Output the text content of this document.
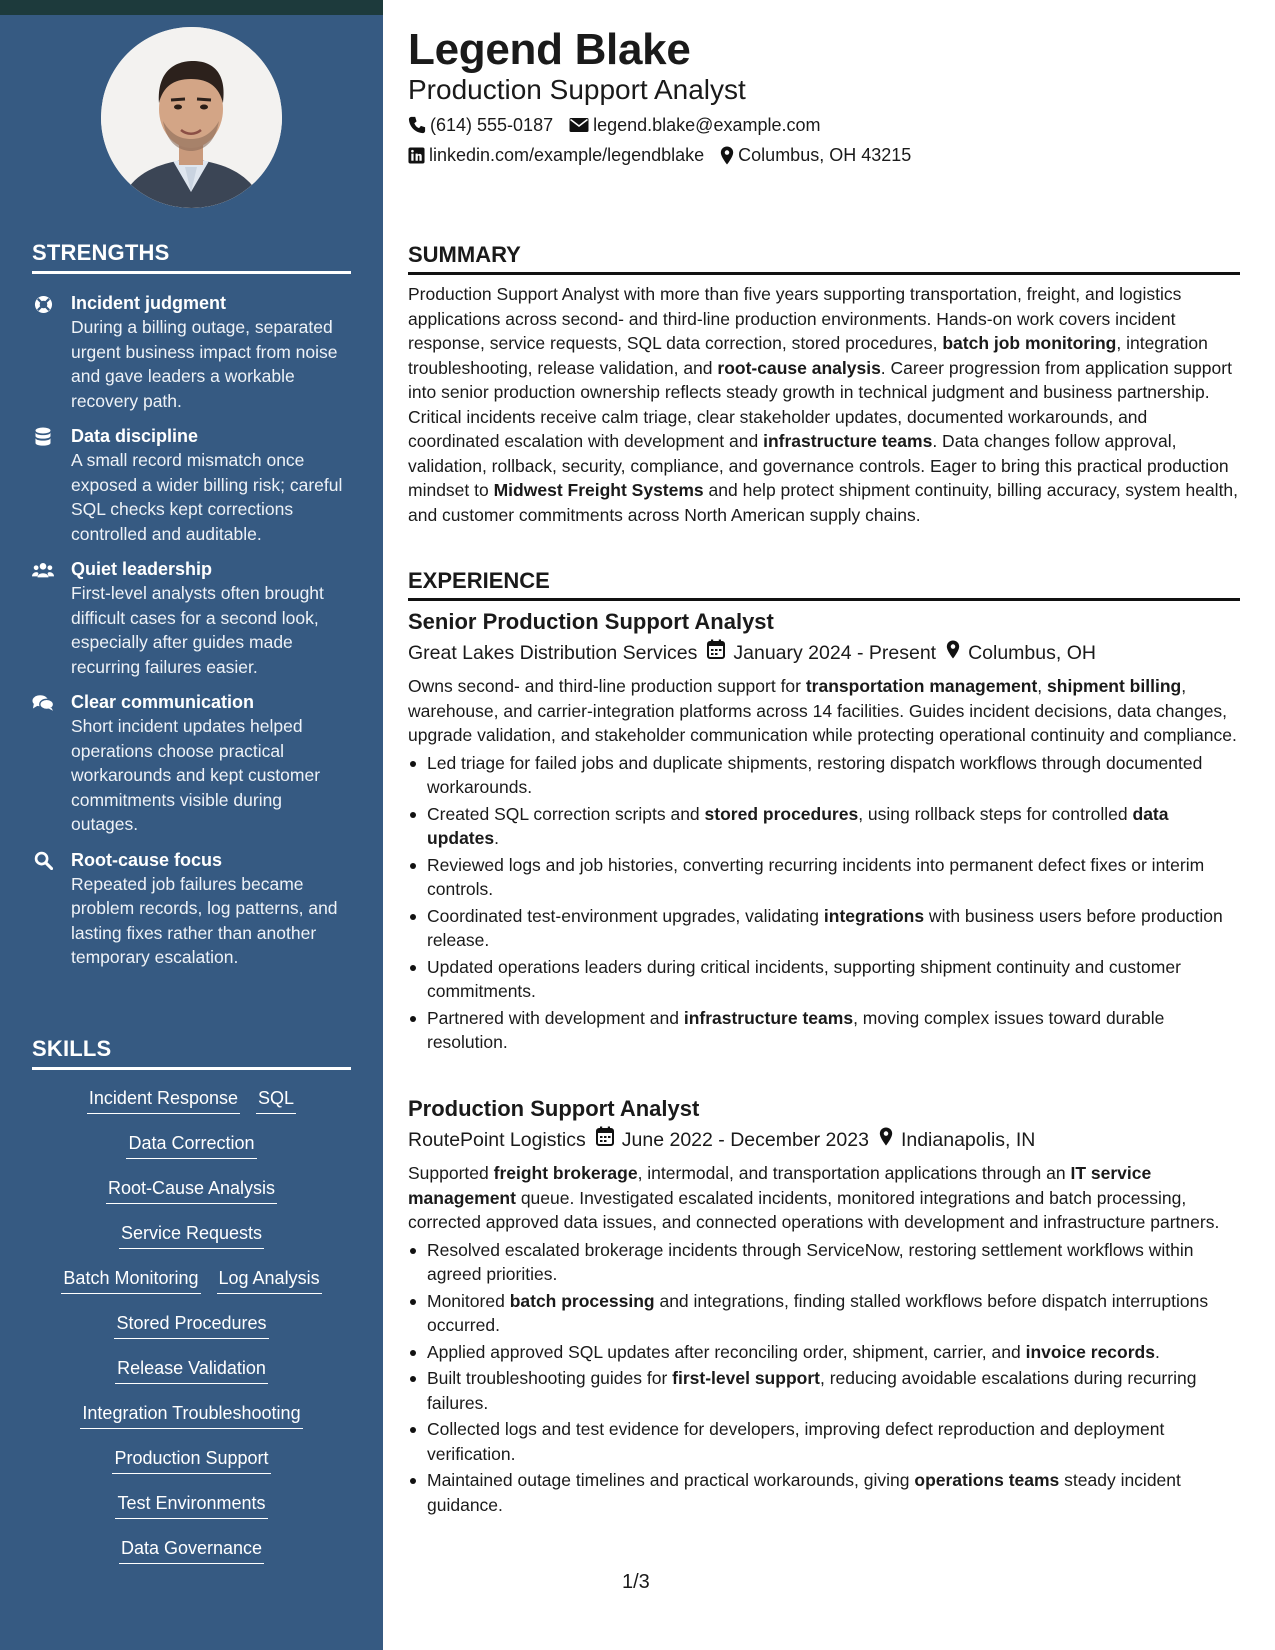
STRENGTHS
Incident judgment
During a billing outage, separated urgent business impact from noise and gave leaders a workable recovery path.
Data discipline
A small record mismatch once exposed a wider billing risk; careful SQL checks kept corrections controlled and auditable.
Quiet leadership
First-level analysts often brought difficult cases for a second look, especially after guides made recurring failures easier.
Clear communication
Short incident updates helped operations choose practical workarounds and kept customer commitments visible during outages.
Root-cause focus
Repeated job failures became problem records, log patterns, and lasting fixes rather than another temporary escalation.
SKILLS
Incident Response SQL
Data Correction
Root-Cause Analysis
Service Requests
Batch Monitoring Log Analysis
Stored Procedures
Release Validation
Integration Troubleshooting
Production Support
Test Environments
Data Governance
Legend Blake
Production Support Analyst
(614) 555-0187 legend.blake@example.com
linkedin.com/example/legendblake Columbus, OH 43215
SUMMARY
Production Support Analyst with more than five years supporting transportation, freight, and logistics applications across second- and third-line production environments. Hands-on work covers incident response, service requests, SQL data correction, stored procedures, batch job monitoring, integration troubleshooting, release validation, and root-cause analysis. Career progression from application support into senior production ownership reflects steady growth in technical judgment and business partnership. Critical incidents receive calm triage, clear stakeholder updates, documented workarounds, and coordinated escalation with development and infrastructure teams. Data changes follow approval, validation, rollback, security, compliance, and governance controls. Eager to bring this practical production mindset to Midwest Freight Systems and help protect shipment continuity, billing accuracy, system health, and customer commitments across North American supply chains.
EXPERIENCE
Senior Production Support Analyst
Great Lakes Distribution Services January 2024 - Present Columbus, OH
Owns second- and third-line production support for transportation management, shipment billing, warehouse, and carrier-integration platforms across 14 facilities. Guides incident decisions, data changes, upgrade validation, and stakeholder communication while protecting operational continuity and compliance.
Led triage for failed jobs and duplicate shipments, restoring dispatch workflows through documented workarounds.
Created SQL correction scripts and stored procedures, using rollback steps for controlled data updates.
Reviewed logs and job histories, converting recurring incidents into permanent defect fixes or interim controls.
Coordinated test-environment upgrades, validating integrations with business users before production release.
Updated operations leaders during critical incidents, supporting shipment continuity and customer commitments.
Partnered with development and infrastructure teams, moving complex issues toward durable resolution.
Production Support Analyst
RoutePoint Logistics June 2022 - December 2023 Indianapolis, IN
Supported freight brokerage, intermodal, and transportation applications through an IT service management queue. Investigated escalated incidents, monitored integrations and batch processing, corrected approved data issues, and connected operations with development and infrastructure partners.
Resolved escalated brokerage incidents through ServiceNow, restoring settlement workflows within agreed priorities.
Monitored batch processing and integrations, finding stalled workflows before dispatch interruptions occurred.
Applied approved SQL updates after reconciling order, shipment, carrier, and invoice records.
Built troubleshooting guides for first-level support, reducing avoidable escalations during recurring failures.
Collected logs and test evidence for developers, improving defect reproduction and deployment verification.
Maintained outage timelines and practical workarounds, giving operations teams steady incident guidance.
1/3
